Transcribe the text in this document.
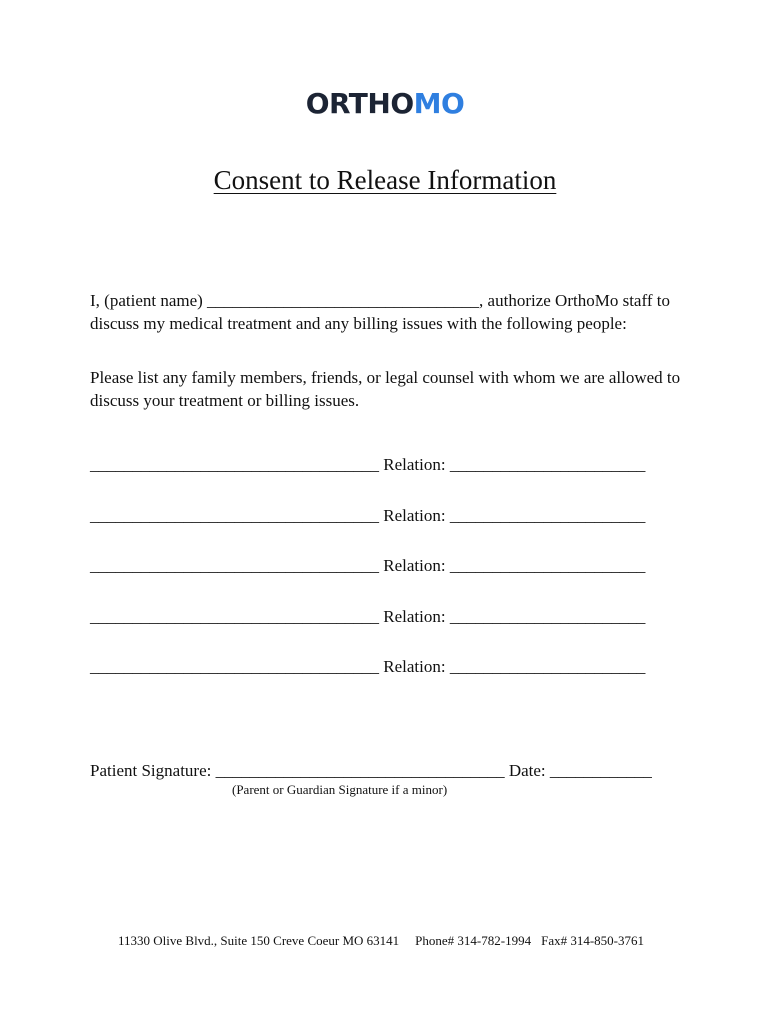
ORTHOMO
Consent to Release Information

I, (patient name) ________________________________, authorize OrthoMo staff to discuss my medical treatment and any billing issues with the following people:

Please list any family members, friends, or legal counsel with whom we are allowed to discuss your treatment or billing issues.

__________________________________ Relation: _______________________
__________________________________ Relation: _______________________
__________________________________ Relation: _______________________
__________________________________ Relation: _______________________
__________________________________ Relation: _______________________
Patient Signature: __________________________________ Date: ____________
(Parent or Guardian Signature if a minor)
11330 Olive Blvd., Suite 150 Creve Coeur MO 63141 Phone# 314-782-1994 Fax# 314-850-3761
